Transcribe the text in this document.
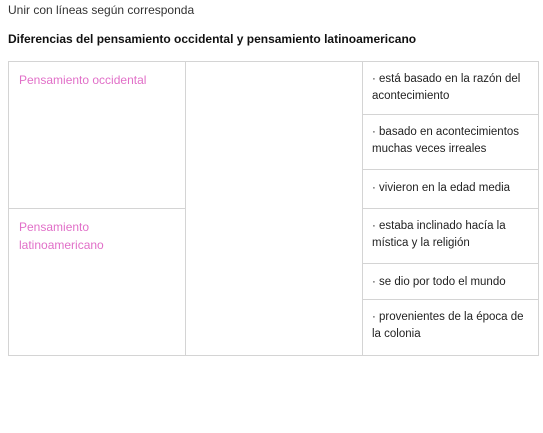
Unir con líneas según corresponda
Diferencias del pensamiento occidental y pensamiento latinoamericano
Pensamiento occidental
Pensamiento latinoamericano
· está basado en la razón del acontecimiento
· basado en acontecimientos muchas veces irreales
· vivieron en la edad media
· estaba inclinado hacía la mística y la religión
· se dio por todo el mundo
· provenientes de la época de la colonia
